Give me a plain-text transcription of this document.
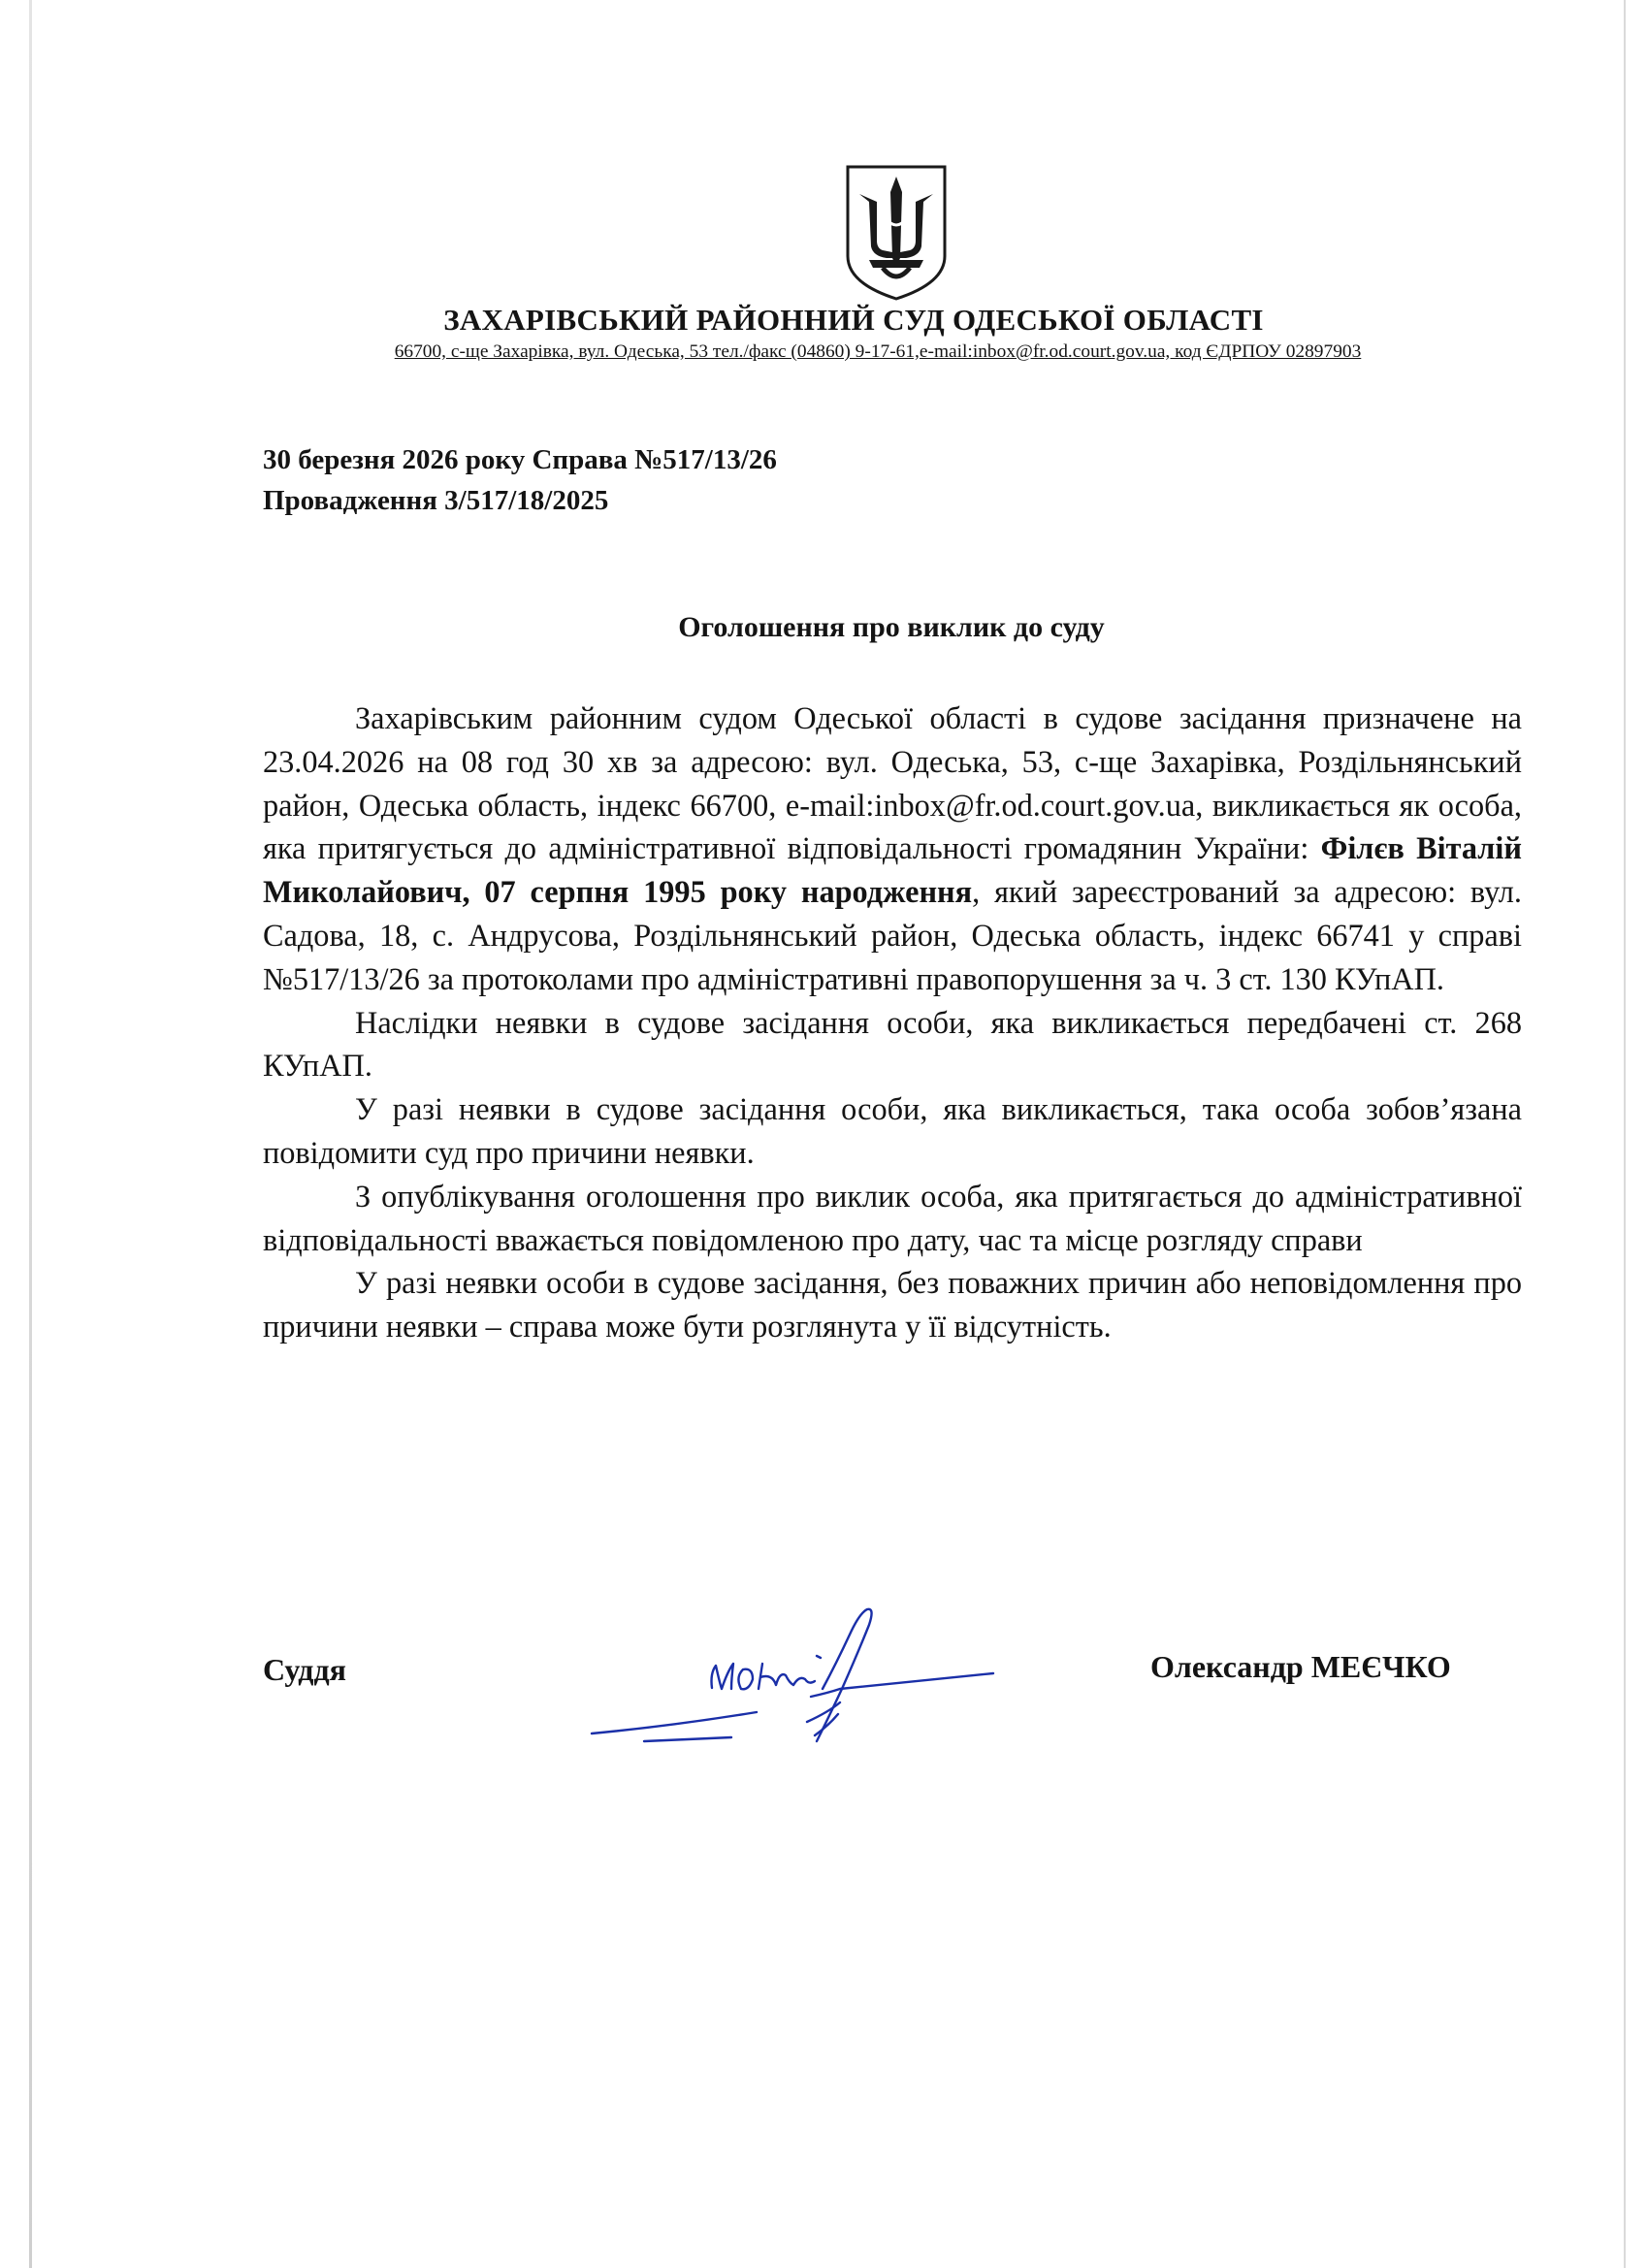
ЗАХАРІВСЬКИЙ РАЙОННИЙ СУД ОДЕСЬКОЇ ОБЛАСТІ
66700, с-ще Захарівка, вул. Одеська, 53 тел./факс (04860) 9-17-61,e-mail:inbox@fr.od.court.gov.ua, код ЄДРПОУ 02897903
30 березня 2026 року Справа №517/13/26
Провадження 3/517/18/2025
Оголошення про виклик до суду

Захарівським районним судом Одеської області в судове засідання призначене на 23.04.2026 на 08 год 30 хв за адресою: вул. Одеська, 53, с-ще Захарівка, Роздільнянський район, Одеська область, індекс 66700, e-mail:inbox@fr.od.court.gov.ua, викликається як особа, яка притягується до адміністративної відповідальності громадянин України: Філєв Віталій Миколайович, 07 серпня 1995 року народження, який зареєстрований за адресою: вул. Садова, 18, с. Андрусова, Роздільнянський район, Одеська область, індекс 66741 у справі №517/13/26 за протоколами про адміністративні правопорушення за ч. 3 ст. 130 КУпАП.

Наслідки неявки в судове засідання особи, яка викликається передбачені ст. 268 КУпАП.

У разі неявки в судове засідання особи, яка викликається, така особа зобов’язана повідомити суд про причини неявки.

З опублікування оголошення про виклик особа, яка притягається до адміністративної відповідальності вважається повідомленою про дату, час та місце розгляду справи

У разі неявки особи в судове засідання, без поважних причин або неповідомлення про причини неявки – справа може бути розглянута у її відсутність.

Суддя	Олександр МЕЄЧКО
